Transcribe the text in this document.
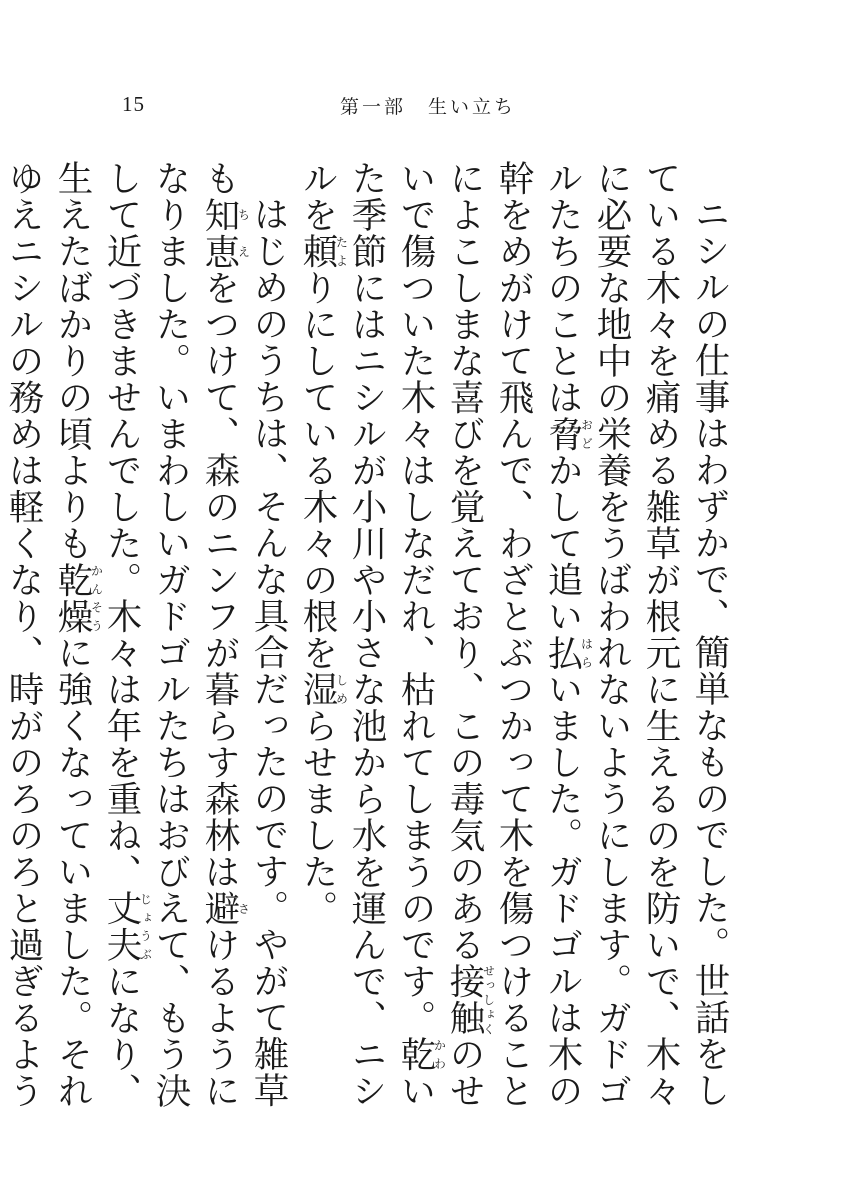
15	第一部　生い立ち

ニシルの仕事はわずかで、簡単なものでした。世話をしている木々を痛める雑草が根元に生えるのを防いで、木々に必要な地中の栄養をうばわれないようにします。ガドゴルたちのことは脅おどかして追い払はらいました。ガドゴルは木の幹をめがけて飛んで、わざとぶつかって木を傷つけることによこしまな喜びを覚えており、この毒気のある接触せっしょくのせいで傷ついた木々はしなだれ、枯れてしまうのです。乾かわいた季節にはニシルが小川や小さな池から水を運んで、ニシルを頼たよりにしている木々の根を湿しめらせました。

はじめのうちは、そんな具合だったのです。やがて雑草も知恵ちえをつけて、森のニンフが暮らす森林は避さけるようになりました。いまわしいガドゴルたちはおびえて、もう決して近づきませんでした。木々は年を重ね、丈夫じょうぶになり、生えたばかりの頃よりも乾燥かんそうに強くなっていました。それゆえニシルの務めは軽くなり、時がのろのろと過ぎるよう
